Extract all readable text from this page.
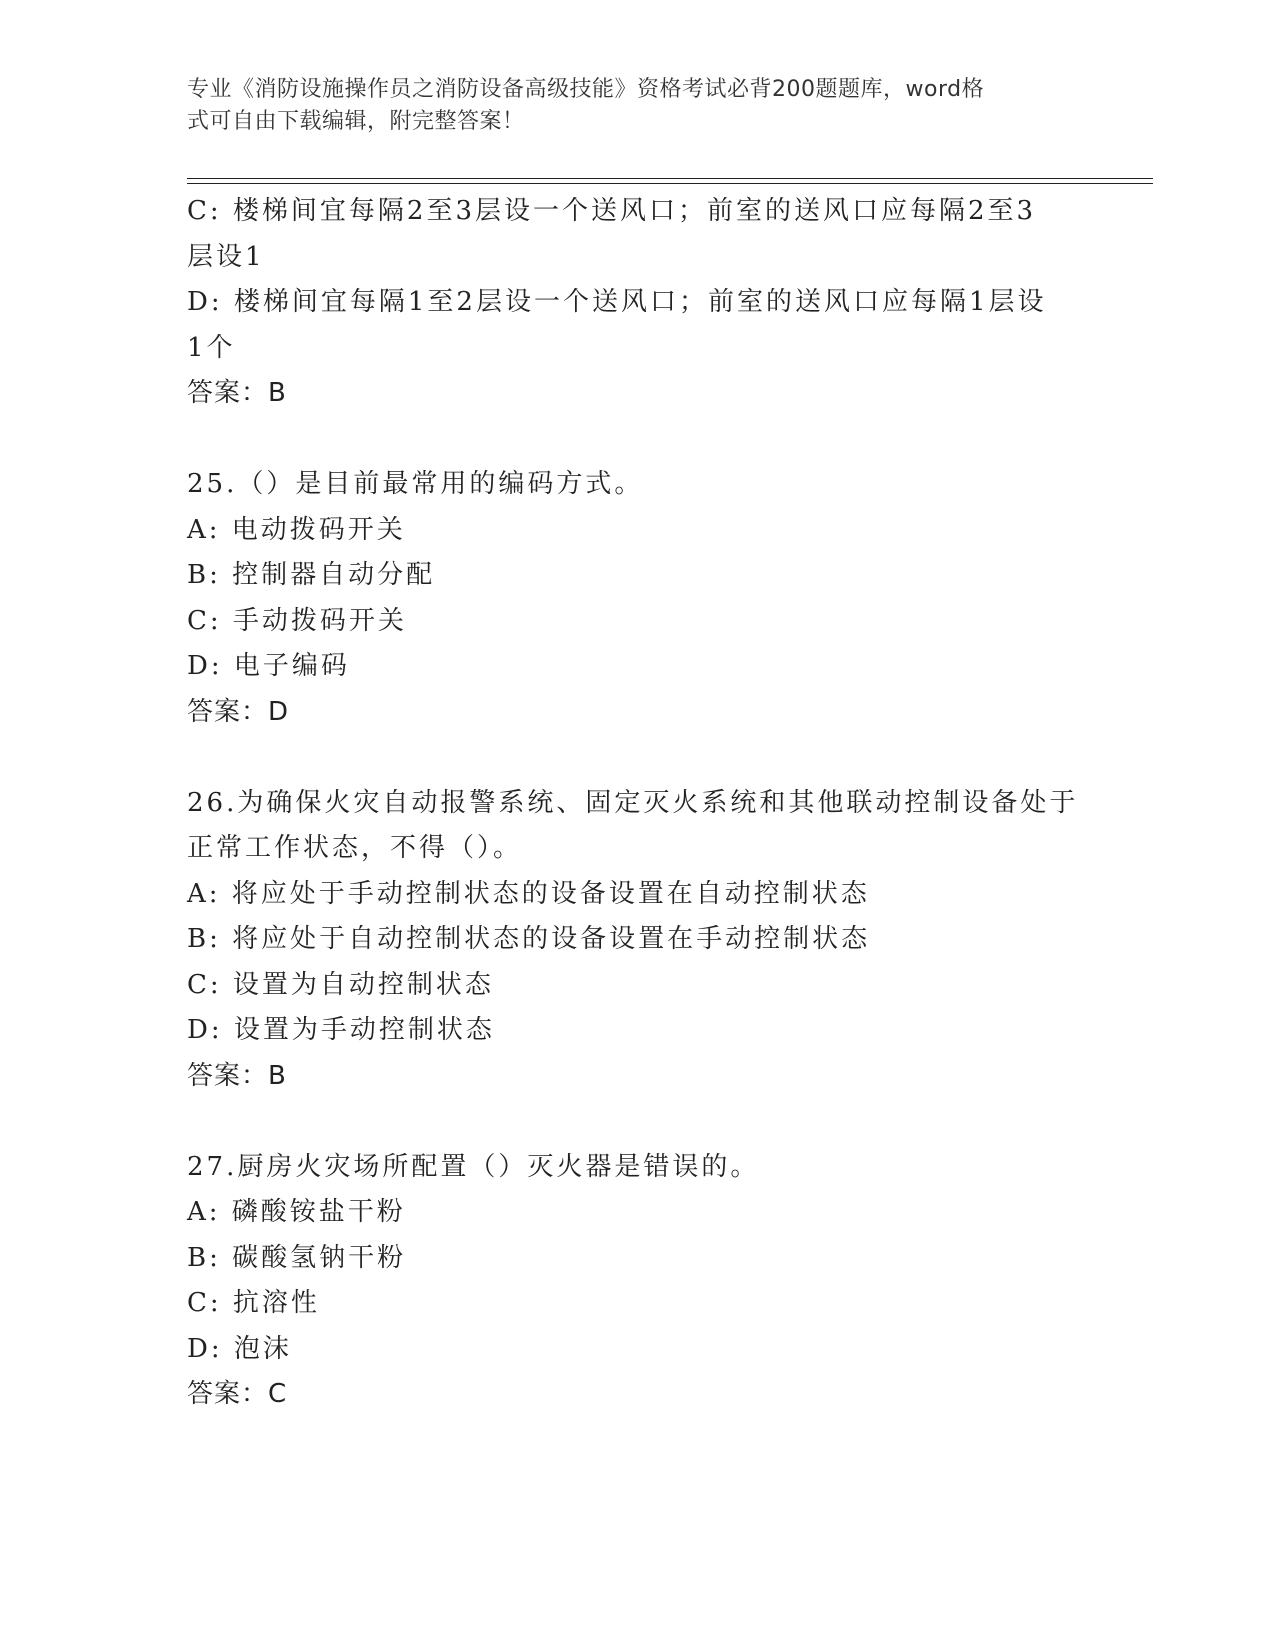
专业《消防设施操作员之消防设备高级技能》资格考试必背200题题库，word格
式可自由下载编辑，附完整答案！
C: 楼梯间宜每隔2至3层设一个送风口；前室的送风口应每隔2至3
层设1
D: 楼梯间宜每隔1至2层设一个送风口；前室的送风口应每隔1层设
1个
答案：B
25.（）是目前最常用的编码方式。
A: 电动拨码开关
B: 控制器自动分配
C: 手动拨码开关
D: 电子编码
答案：D
26.为确保火灾自动报警系统、固定灭火系统和其他联动控制设备处于
正常工作状态，不得（）。
A: 将应处于手动控制状态的设备设置在自动控制状态
B: 将应处于自动控制状态的设备设置在手动控制状态
C: 设置为自动控制状态
D: 设置为手动控制状态
答案：B
27.厨房火灾场所配置（）灭火器是错误的。
A: 磷酸铵盐干粉
B: 碳酸氢钠干粉
C: 抗溶性
D: 泡沫
答案：C
